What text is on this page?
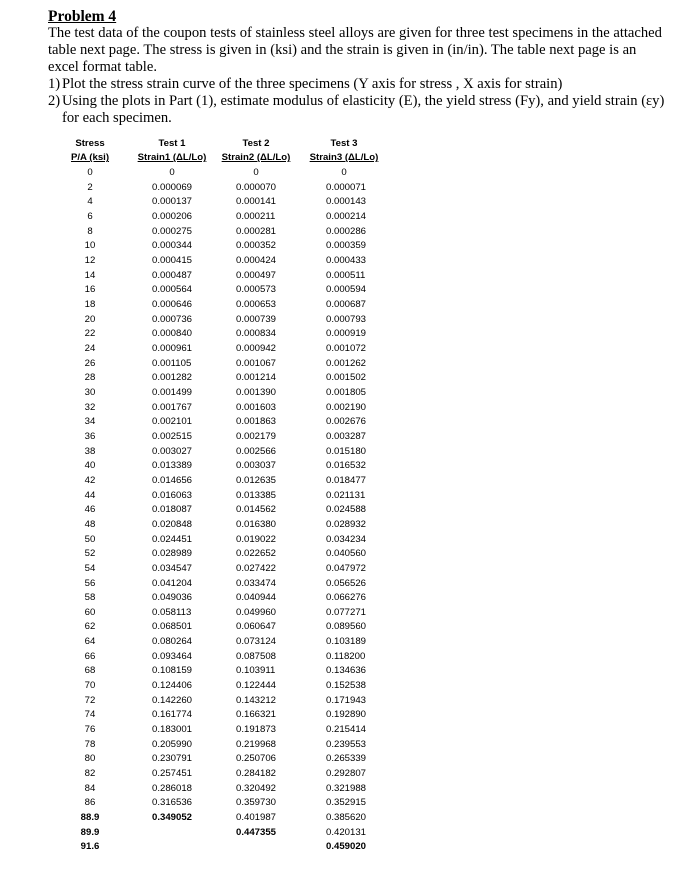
Problem 4

The test data of the coupon tests of stainless steel alloys are given for three test specimens in the attached table next page. The stress is given in (ksi) and the strain is given in (in/in). The table next page is an excel format table.

1) Plot the stress strain curve of the three specimens (Y axis for stress , X axis for strain)
2) Using the plots in Part (1), estimate modulus of elasticity (E), the yield stress (Fy), and yield strain (εy) for each specimen.
Stress	Test 1	Test 2	Test 3
P/A (ksi)	Strain1 (ΔL/Lo)	Strain2 (ΔL/Lo)	Strain3 (ΔL/Lo)
0	0	0	0
2	0.000069	0.000070	0.000071
4	0.000137	0.000141	0.000143
6	0.000206	0.000211	0.000214
8	0.000275	0.000281	0.000286
10	0.000344	0.000352	0.000359
12	0.000415	0.000424	0.000433
14	0.000487	0.000497	0.000511
16	0.000564	0.000573	0.000594
18	0.000646	0.000653	0.000687
20	0.000736	0.000739	0.000793
22	0.000840	0.000834	0.000919
24	0.000961	0.000942	0.001072
26	0.001105	0.001067	0.001262
28	0.001282	0.001214	0.001502
30	0.001499	0.001390	0.001805
32	0.001767	0.001603	0.002190
34	0.002101	0.001863	0.002676
36	0.002515	0.002179	0.003287
38	0.003027	0.002566	0.015180
40	0.013389	0.003037	0.016532
42	0.014656	0.012635	0.018477
44	0.016063	0.013385	0.021131
46	0.018087	0.014562	0.024588
48	0.020848	0.016380	0.028932
50	0.024451	0.019022	0.034234
52	0.028989	0.022652	0.040560
54	0.034547	0.027422	0.047972
56	0.041204	0.033474	0.056526
58	0.049036	0.040944	0.066276
60	0.058113	0.049960	0.077271
62	0.068501	0.060647	0.089560
64	0.080264	0.073124	0.103189
66	0.093464	0.087508	0.118200
68	0.108159	0.103911	0.134636
70	0.124406	0.122444	0.152538
72	0.142260	0.143212	0.171943
74	0.161774	0.166321	0.192890
76	0.183001	0.191873	0.215414
78	0.205990	0.219968	0.239553
80	0.230791	0.250706	0.265339
82	0.257451	0.284182	0.292807
84	0.286018	0.320492	0.321988
86	0.316536	0.359730	0.352915
88.9	0.349052	0.401987	0.385620
89.9		0.447355	0.420131
91.6			0.459020
